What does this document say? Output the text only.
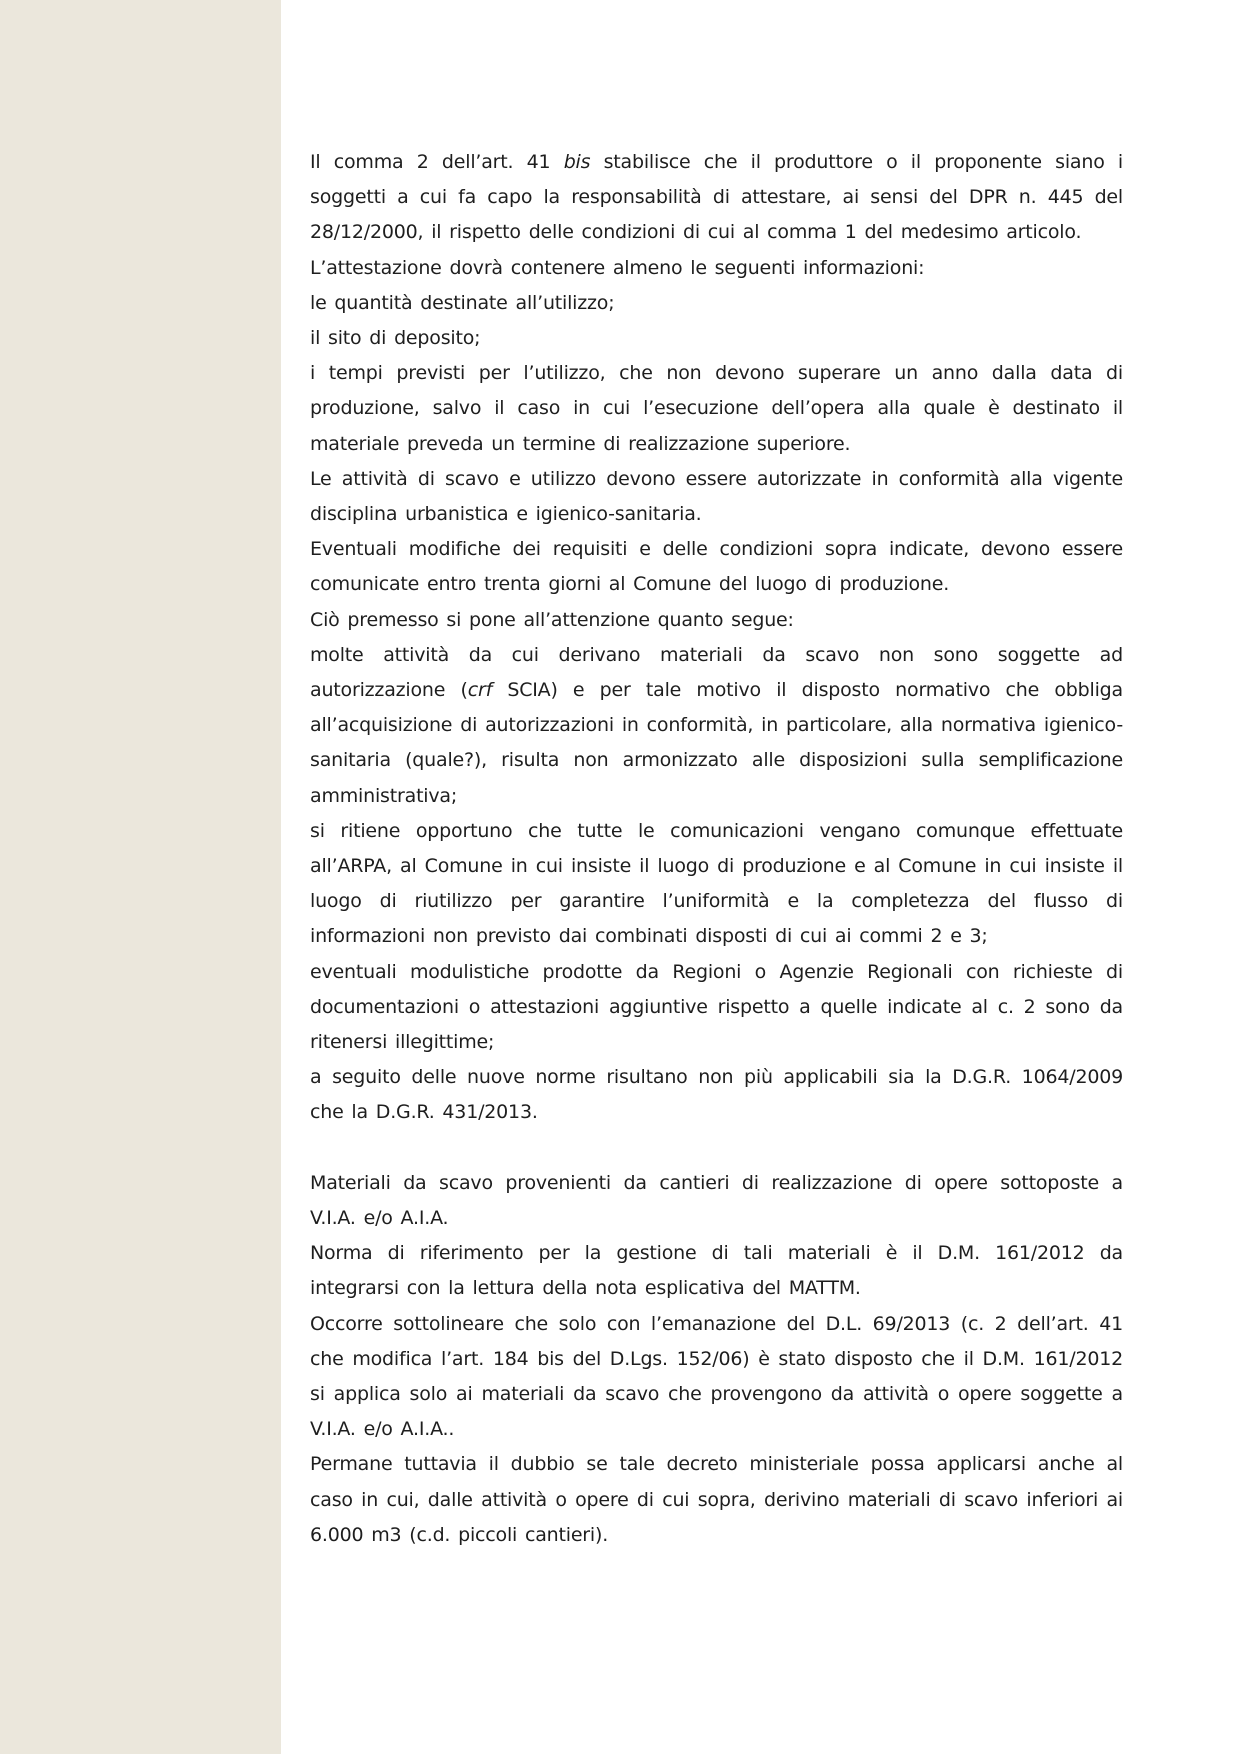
Il comma 2 dell’art. 41 bis stabilisce che il produttore o il proponente siano i soggetti a cui fa capo la responsabilità di attestare, ai sensi del DPR n. 445 del 28/12/2000, il rispetto delle condizioni di cui al comma 1 del medesimo articolo.

L’attestazione dovrà contenere almeno le seguenti informazioni:

le quantità destinate all’utilizzo;

il sito di deposito;

i tempi previsti per l’utilizzo, che non devono superare un anno dalla data di produzione, salvo il caso in cui l’esecuzione dell’opera alla quale è destinato il materiale preveda un termine di realizzazione superiore.

Le attività di scavo e utilizzo devono essere autorizzate in conformità alla vigente disciplina urbanistica e igienico-sanitaria.

Eventuali modifiche dei requisiti e delle condizioni sopra indicate, devono essere comunicate entro trenta giorni al Comune del luogo di produzione.

Ciò premesso si pone all’attenzione quanto segue:

molte attività da cui derivano materiali da scavo non sono soggette ad autorizzazione (crf SCIA) e per tale motivo il disposto normativo che obbliga all’acquisizione di autorizzazioni in conformità, in particolare, alla normativa igienico-sanitaria (quale?), risulta non armonizzato alle disposizioni sulla semplificazione amministrativa;

si ritiene opportuno che tutte le comunicazioni vengano comunque effettuate all’ARPA, al Comune in cui insiste il luogo di produzione e al Comune in cui insiste il luogo di riutilizzo per garantire l’uniformità e la completezza del flusso di informazioni non previsto dai combinati disposti di cui ai commi 2 e 3;

eventuali modulistiche prodotte da Regioni o Agenzie Regionali con richieste di documentazioni o attestazioni aggiuntive rispetto a quelle indicate al c. 2 sono da ritenersi illegittime;

a seguito delle nuove norme risultano non più applicabili sia la D.G.R. 1064/2009 che la D.G.R. 431/2013.

Materiali da scavo provenienti da cantieri di realizzazione di opere sottoposte a V.I.A. e/o A.I.A.

Norma di riferimento per la gestione di tali materiali è il D.M. 161/2012 da integrarsi con la lettura della nota esplicativa del MATTM.

Occorre sottolineare che solo con l’emanazione del D.L. 69/2013 (c. 2 dell’art. 41 che modifica l’art. 184 bis del D.Lgs. 152/06) è stato disposto che il D.M. 161/2012 si applica solo ai materiali da scavo che provengono da attività o opere soggette a V.I.A. e/o A.I.A..

Permane tuttavia il dubbio se tale decreto ministeriale possa applicarsi anche al caso in cui, dalle attività o opere di cui sopra, derivino materiali di scavo inferiori ai 6.000 m3 (c.d. piccoli cantieri).
